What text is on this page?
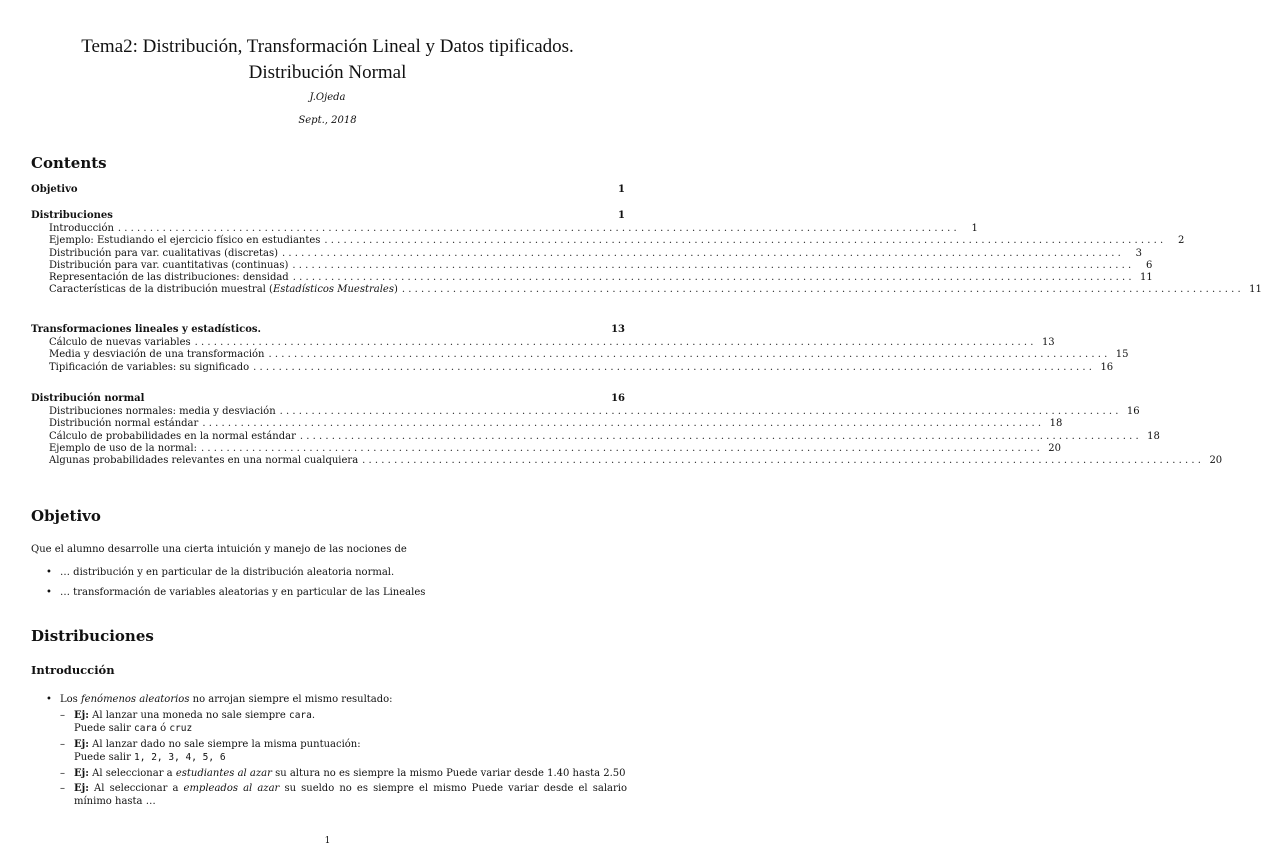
Tema2: Distribución, Transformación Lineal y Datos tipificados.
Distribución Normal
J.Ojeda
Sept., 2018
Contents
Objetivo	1
Distribuciones	1
Introducción ....................................................................................................................................	1
Ejemplo: Estudiando el ejercicio físico en estudiantes ....................................................................................................................................	2
Distribución para var. cualitativas (discretas) ....................................................................................................................................	3
Distribución para var. cuantitativas (continuas) ....................................................................................................................................	6
Representación de las distribuciones: densidad .................................................................................................................................... 11
Características de la distribución muestral (Estadísticos Muestrales) .................................................................................................................................... 11
Transformaciones lineales y estadísticos.	13
Cálculo de nuevas variables .................................................................................................................................... 13
Media y desviación de una transformación .................................................................................................................................... 15
Tipificación de variables: su significado .................................................................................................................................... 16
Distribución normal	16
Distribuciones normales: media y desviación .................................................................................................................................... 16
Distribución normal estándar .................................................................................................................................... 18
Cálculo de probabilidades en la normal estándar .................................................................................................................................... 18
Ejemplo de uso de la normal: .................................................................................................................................... 20
Algunas probabilidades relevantes en una normal cualquiera .................................................................................................................................... 20
Objetivo
Que el alumno desarrolle una cierta intuición y manejo de las nociones de
• … distribución y en particular de la distribución aleatoria normal.
• … transformación de variables aleatorias y en particular de las Lineales
Distribuciones
Introducción
• Los fenómenos aleatorios no arrojan siempre el mismo resultado:
– Ej: Al lanzar una moneda no sale siempre cara.
Puede salir cara ó cruz
– Ej: Al lanzar dado no sale siempre la misma puntuación:
Puede salir 1, 2, 3, 4, 5, 6
– Ej: Al seleccionar a estudiantes al azar su altura no es siempre la mismo Puede variar desde 1.40 hasta 2.50
– Ej: Al seleccionar a empleados al azar su sueldo no es siempre el mismo Puede variar desde el salario mínimo hasta …
1
